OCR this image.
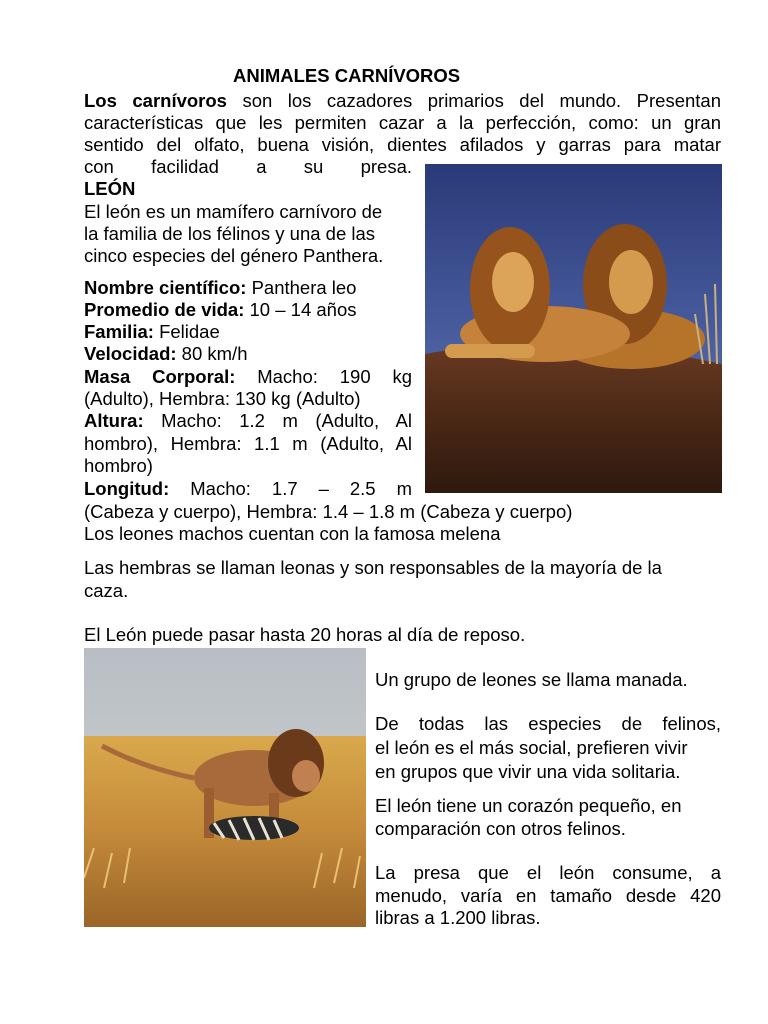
ANIMALES CARNÍVOROS
Los carnívoros son los cazadores primarios del mundo. Presentan
características que les permiten cazar a la perfección, como: un gran
sentido del olfato, buena visión, dientes afilados y garras para matar
con facilidad a su presa.
LEÓN
El león es un mamífero carnívoro de
la familia de los félinos y una de las
cinco especies del género Panthera.
Nombre científico: Panthera leo
Promedio de vida: 10 – 14 años
Familia: Felidae
Velocidad: 80 km/h
Masa Corporal: Macho: 190 kg
(Adulto), Hembra: 130 kg (Adulto)
Altura: Macho: 1.2 m (Adulto, Al
hombro), Hembra: 1.1 m (Adulto, Al
hombro)
Longitud: Macho: 1.7 – 2.5 m
(Cabeza y cuerpo), Hembra: 1.4 – 1.8 m (Cabeza y cuerpo)
Los leones machos cuentan con la famosa melena
Las hembras se llaman leonas y son responsables de la mayoría de la
caza.
El León puede pasar hasta 20 horas al día de reposo.
Un grupo de leones se llama manada.
De todas las especies de felinos,
el león es el más social, prefieren vivir
en grupos que vivir una vida solitaria.
El león tiene un corazón pequeño, en
comparación con otros felinos.
La presa que el león consume, a
menudo, varía en tamaño desde 420
libras a 1.200 libras.
